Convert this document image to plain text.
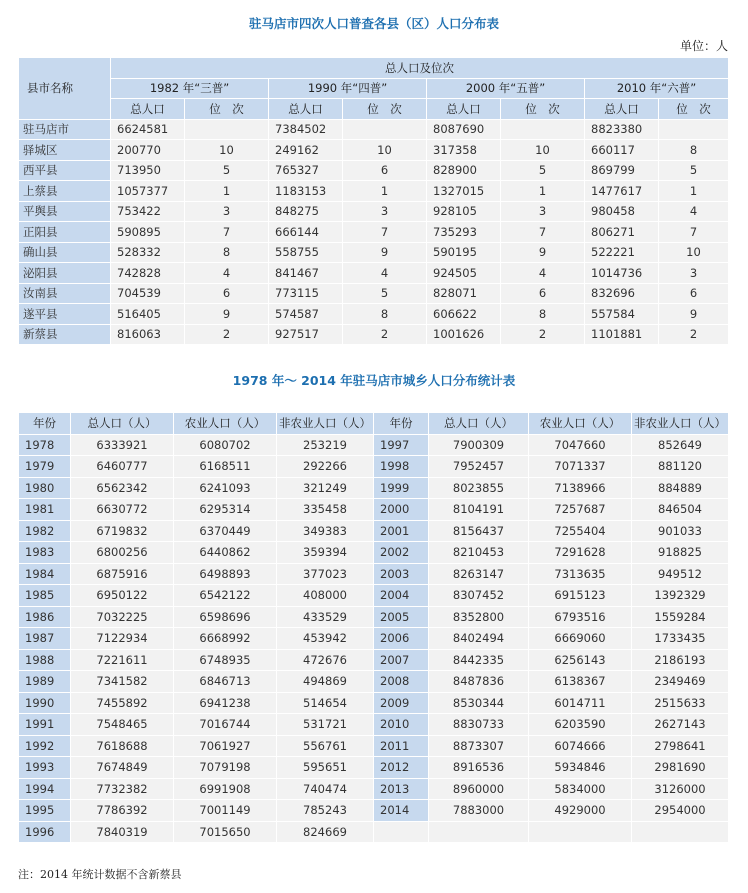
驻马店市四次人口普查各县（区）人口分布表
单位：人
县市名称	总人口及位次							
	1982 年“三普”		1990 年“四普”		2000 年“五普”		2010 年“六普”	
	总人口	位　次	总人口	位　次	总人口	位　次	总人口	位　次
驻马店市	6624581		7384502		8087690		8823380	
驿城区	200770	10	249162	10	317358	10	660117	8
西平县	713950	5	765327	6	828900	5	869799	5
上蔡县	1057377	1	1183153	1	1327015	1	1477617	1
平舆县	753422	3	848275	3	928105	3	980458	4
正阳县	590895	7	666144	7	735293	7	806271	7
确山县	528332	8	558755	9	590195	9	522221	10
泌阳县	742828	4	841467	4	924505	4	1014736	3
汝南县	704539	6	773115	5	828071	6	832696	6
遂平县	516405	9	574587	8	606622	8	557584	9
新蔡县	816063	2	927517	2	1001626	2	1101881	2
1978 年～ 2014 年驻马店市城乡人口分布统计表
年份	总人口（人）	农业人口（人）	非农业人口（人）	年份	总人口（人）	农业人口（人）	非农业人口（人）
1978	6333921	6080702	253219	1997	7900309	7047660	852649
1979	6460777	6168511	292266	1998	7952457	7071337	881120
1980	6562342	6241093	321249	1999	8023855	7138966	884889
1981	6630772	6295314	335458	2000	8104191	7257687	846504
1982	6719832	6370449	349383	2001	8156437	7255404	901033
1983	6800256	6440862	359394	2002	8210453	7291628	918825
1984	6875916	6498893	377023	2003	8263147	7313635	949512
1985	6950122	6542122	408000	2004	8307452	6915123	1392329
1986	7032225	6598696	433529	2005	8352800	6793516	1559284
1987	7122934	6668992	453942	2006	8402494	6669060	1733435
1988	7221611	6748935	472676	2007	8442335	6256143	2186193
1989	7341582	6846713	494869	2008	8487836	6138367	2349469
1990	7455892	6941238	514654	2009	8530344	6014711	2515633
1991	7548465	7016744	531721	2010	8830733	6203590	2627143
1992	7618688	7061927	556761	2011	8873307	6074666	2798641
1993	7674849	7079198	595651	2012	8916536	5934846	2981690
1994	7732382	6991908	740474	2013	8960000	5834000	3126000
1995	7786392	7001149	785243	2014	7883000	4929000	2954000
1996	7840319	7015650	824669				
注：2014 年统计数据不含新蔡县
